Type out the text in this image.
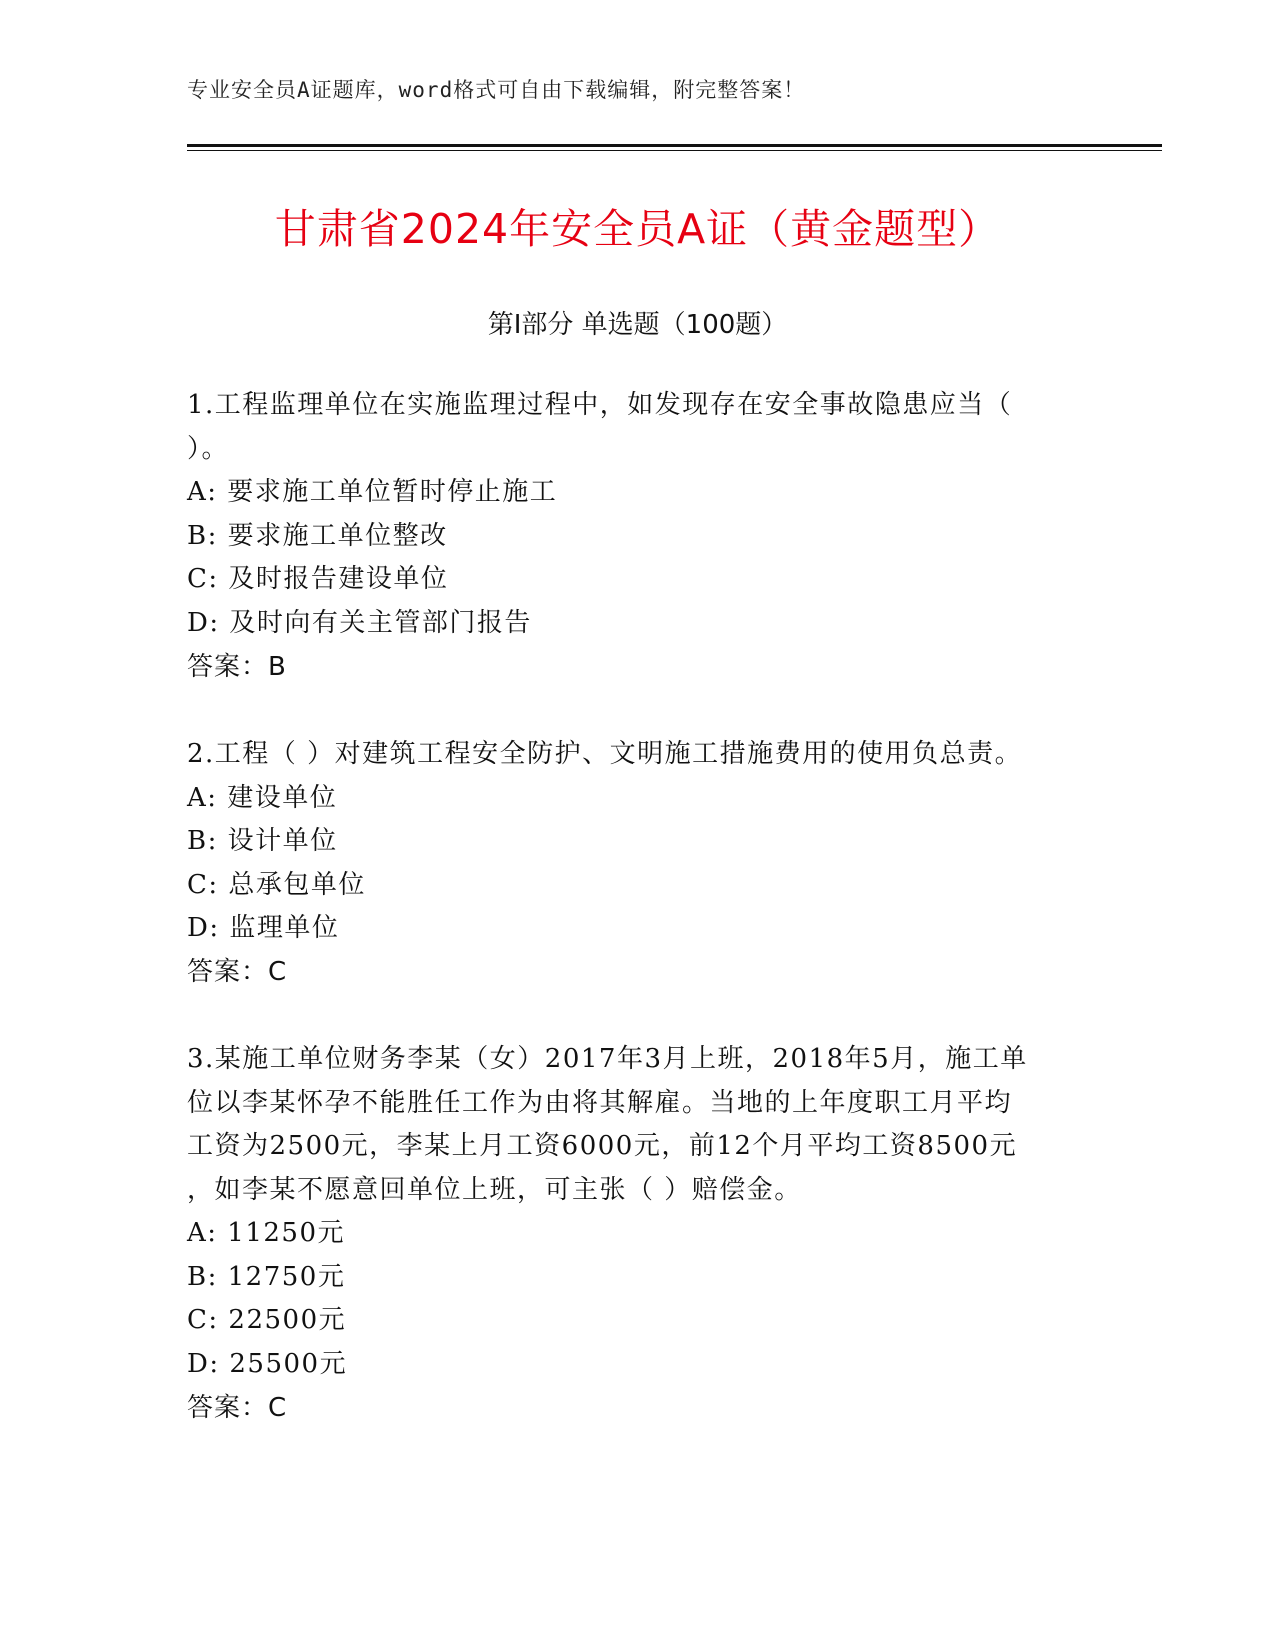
专业安全员A证题库，word格式可自由下载编辑，附完整答案！
甘肃省2024年安全员A证（黄金题型）
第I部分 单选题（100题）
1.工程监理单位在实施监理过程中，如发现存在安全事故隐患应当（
）。
A: 要求施工单位暂时停止施工
B: 要求施工单位整改
C: 及时报告建设单位
D: 及时向有关主管部门报告
答案：B
2.工程（ ）对建筑工程安全防护、文明施工措施费用的使用负总责。
A: 建设单位
B: 设计单位
C: 总承包单位
D: 监理单位
答案：C
3.某施工单位财务李某（女）2017年3月上班，2018年5月，施工单
位以李某怀孕不能胜任工作为由将其解雇。当地的上年度职工月平均
工资为2500元，李某上月工资6000元，前12个月平均工资8500元
，如李某不愿意回单位上班，可主张（ ）赔偿金。
A: 11250元
B: 12750元
C: 22500元
D: 25500元
答案：C
